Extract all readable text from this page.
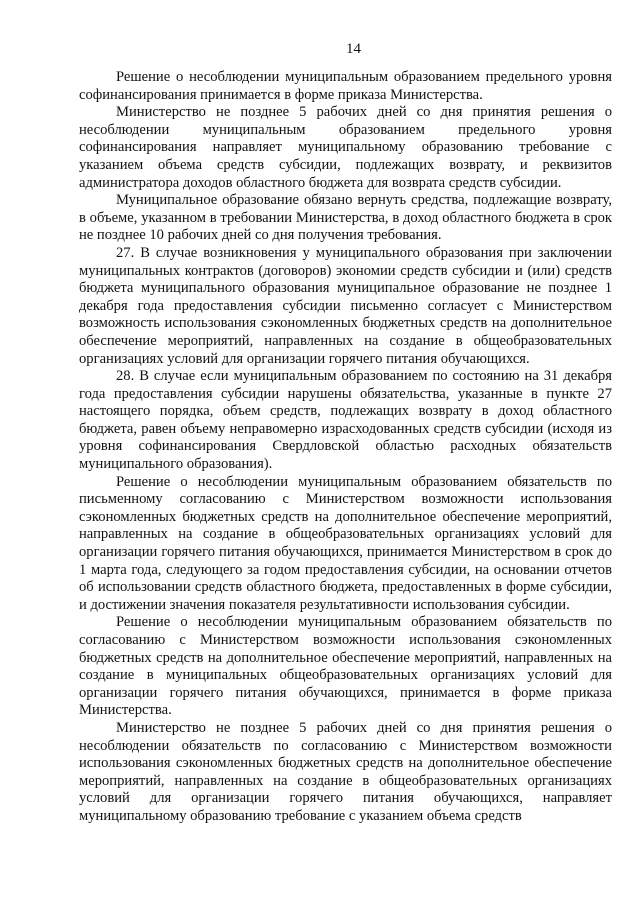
14

Решение о несоблюдении муниципальным образованием предельного уровня софинансирования принимается в форме приказа Министерства.

Министерство не позднее 5 рабочих дней со дня принятия решения о несоблюдении муниципальным образованием предельного уровня софинансирования направляет муниципальному образованию требование с указанием объема средств субсидии, подлежащих возврату, и реквизитов администратора доходов областного бюджета для возврата средств субсидии.

Муниципальное образование обязано вернуть средства, подлежащие возврату, в объеме, указанном в требовании Министерства, в доход областного бюджета в срок не позднее 10 рабочих дней со дня получения требования.

27. В случае возникновения у муниципального образования при заключении муниципальных контрактов (договоров) экономии средств субсидии и (или) средств бюджета муниципального образования муниципальное образование не позднее 1 декабря года предоставления субсидии письменно согласует с Министерством возможность использования сэкономленных бюджетных средств на дополнительное обеспечение мероприятий, направленных на создание в общеобразовательных организациях условий для организации горячего питания обучающихся.

28. В случае если муниципальным образованием по состоянию на 31 декабря года предоставления субсидии нарушены обязательства, указанные в пункте 27 настоящего порядка, объем средств, подлежащих возврату в доход областного бюджета, равен объему неправомерно израсходованных средств субсидии (исходя из уровня софинансирования Свердловской областью расходных обязательств муниципального образования).

Решение о несоблюдении муниципальным образованием обязательств по письменному согласованию с Министерством возможности использования сэкономленных бюджетных средств на дополнительное обеспечение мероприятий, направленных на создание в общеобразовательных организациях условий для организации горячего питания обучающихся, принимается Министерством в срок до 1 марта года, следующего за годом предоставления субсидии, на основании отчетов об использовании средств областного бюджета, предоставленных в форме субсидии, и достижении значения показателя результативности использования субсидии.

Решение о несоблюдении муниципальным образованием обязательств по согласованию с Министерством возможности использования сэкономленных бюджетных средств на дополнительное обеспечение мероприятий, направленных на создание в муниципальных общеобразовательных организациях условий для организации горячего питания обучающихся, принимается в форме приказа Министерства.

Министерство не позднее 5 рабочих дней со дня принятия решения о несоблюдении обязательств по согласованию с Министерством возможности использования сэкономленных бюджетных средств на дополнительное обеспечение мероприятий, направленных на создание в общеобразовательных организациях условий для организации горячего питания обучающихся, направляет муниципальному образованию требование с указанием объема средств
